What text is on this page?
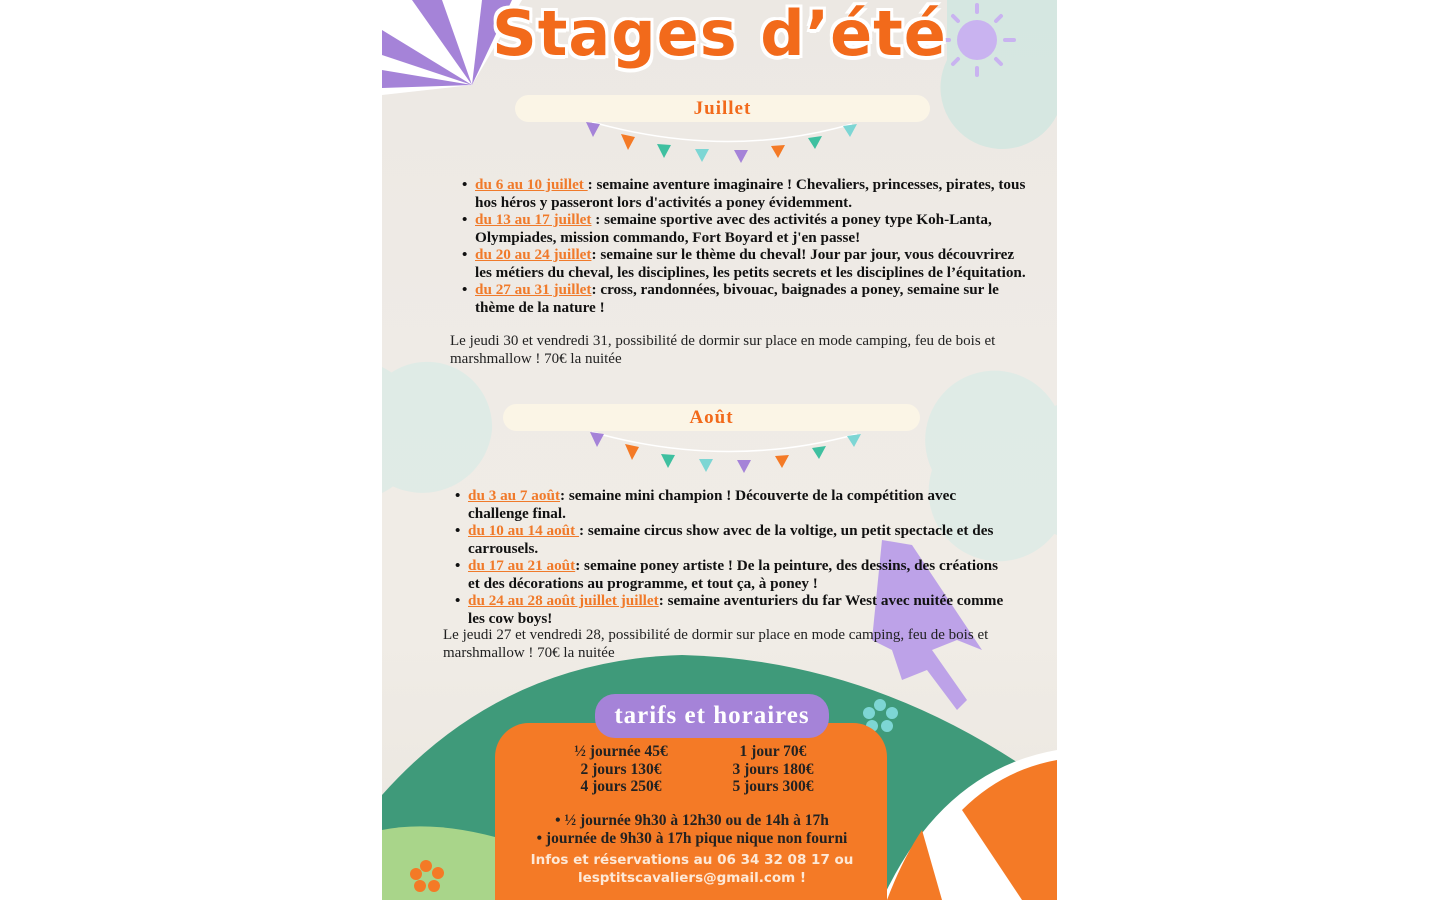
Stages d’été
Juillet
• du 6 au 10 juillet : semaine aventure imaginaire ! Chevaliers, princesses, pirates, tous hos héros y passeront lors d'activités a poney évidemment.
• du 13 au 17 juillet : semaine sportive avec des activités a poney type Koh-Lanta, Olympiades, mission commando, Fort Boyard et j'en passe!
• du 20 au 24 juillet: semaine sur le thème du cheval! Jour par jour, vous découvrirez les métiers du cheval, les disciplines, les petits secrets et les disciplines de l’équitation.
• du 27 au 31 juillet: cross, randonnées, bivouac, baignades a poney, semaine sur le thème de la nature !
Le jeudi 30 et vendredi 31, possibilité de dormir sur place en mode camping, feu de bois et marshmallow ! 70€ la nuitée
Août
• du 3 au 7 août: semaine mini champion ! Découverte de la compétition avec challenge final.
• du 10 au 14 août : semaine circus show avec de la voltige, un petit spectacle et des carrousels.
• du 17 au 21 août: semaine poney artiste ! De la peinture, des dessins, des créations et des décorations au programme, et tout ça, à poney !
• du 24 au 28 août juillet juillet: semaine aventuriers du far West avec nuitée comme les cow boys!
Le jeudi 27 et vendredi 28, possibilité de dormir sur place en mode camping, feu de bois et marshmallow ! 70€ la nuitée
tarifs et horaires
½ journée 45€	1 jour 70€
2 jours 130€	3 jours 180€
4 jours 250€	5 jours 300€
• ½ journée 9h30 à 12h30 ou de 14h à 17h
• journée de 9h30 à 17h pique nique non fourni
Infos et réservations au 06 34 32 08 17 ou
lesptitscavaliers@gmail.com !
